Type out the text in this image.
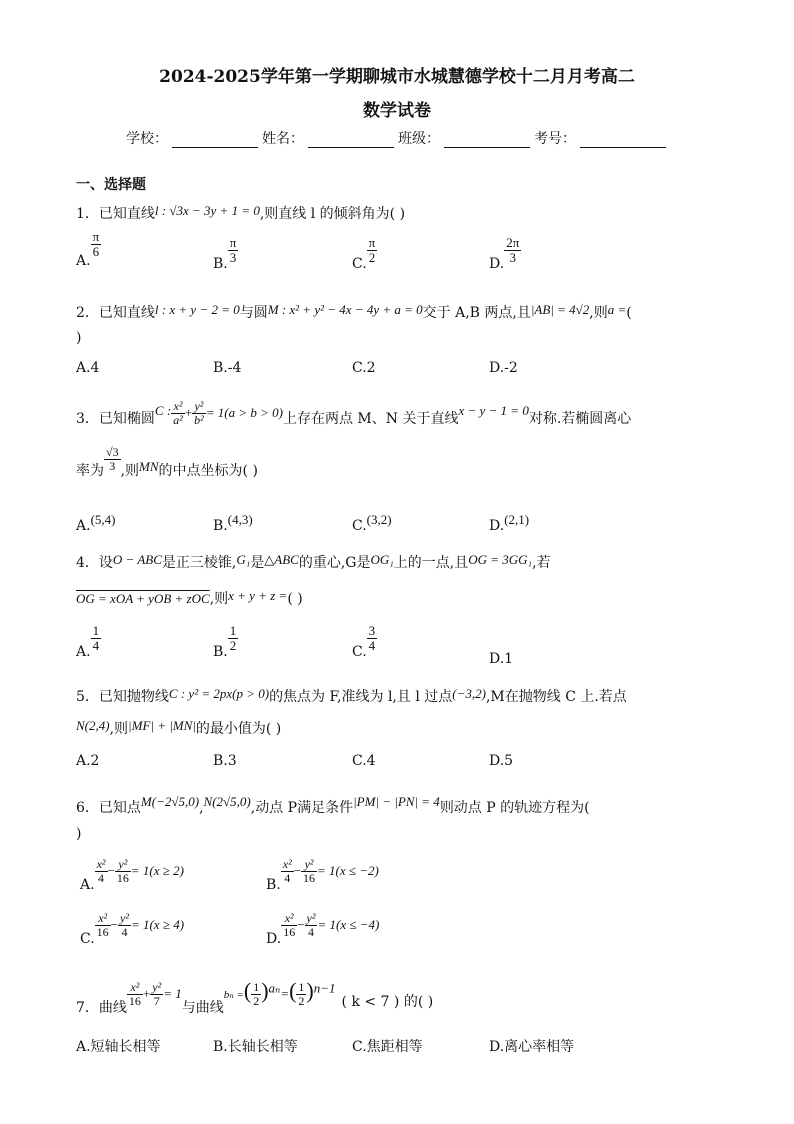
2024-2025学年第一学期聊城市水城慧德学校十二月月考高二
数学试卷
学校：	姓名：	班级：	考号：
一、选择题
1．已知直线l : √3x − 3y + 1 = 0,则直线 l 的倾斜角为( )
A.
$\frac{\pi}{6}$
B. $\frac{\pi}{3}$	C. $\frac{\pi}{2}$	D. $\frac{2\pi}{3}$
2．已知直线l : x + y − 2 = 0与圆M : x² + y² − 4x − 4y + a = 0交于 A,B 两点,且|AB| = 4√2,则a =(
)
A.4	B.-4	C.2	D.-2
3．已知椭圆C : $\frac{\text{x²}}{\text{a²}} + \frac{\text{y²}}{\text{b²}} = 1(a > b > 0)$上存在两点 M、N 关于直线x − y − 1 = 0对称.若椭圆离心
率为 $\frac{√3}{3}$ ,则MN的中点坐标为( )
A.(5,4)	B.(4,3)	C.(3,2)	D.(2,1)
4．设O − ABC是正三棱锥,G₁是△ABC的重心,G是OG₁上的一点,且OG = 3GG₁,若
OG = xOA + yOB + zOC,则x + y + z =( )
A. $\frac{1}{4}$	B. $\frac{1}{2}$	C. $\frac{3}{4}$
D.1
5．已知抛物线C : y² = 2px(p > 0)的焦点为 F,准线为 l,且 l 过点(−3,2),M在抛物线 C 上.若点
N(2,4),则|MF| + |MN|的最小值为( )
A.2	B.3	C.4	D.5
6．已知点M(−2√5,0),N(2√5,0),动点 P满足条件|PM| − |PN| = 4则动点 P 的轨迹方程为(
)
A.
$\frac{\text{x²}}{4} - \frac{\text{y²}}{16} = 1(x \ge 2)$
B.
$\frac{\text{x²}}{4} - \frac{\text{y²}}{16} = 1(x \le -2)$
C.
$\frac{\text{x²}}{16} - \frac{\text{y²}}{4} = 1(x \ge 4)$
D.
$\frac{\text{x²}}{16} - \frac{\text{y²}}{4} = 1(x \le -4)$
7．曲线
$\frac{\text{x²}}{16} + \frac{\text{y²}}{7} = 1$与曲线bₙ =( $\frac{1}{2} )^{a_n}=( \frac{1}{2} )^{n-1}$( k < 7 ) 的( )
A.短轴长相等	B.长轴长相等	C.焦距相等	D.离心率相等
